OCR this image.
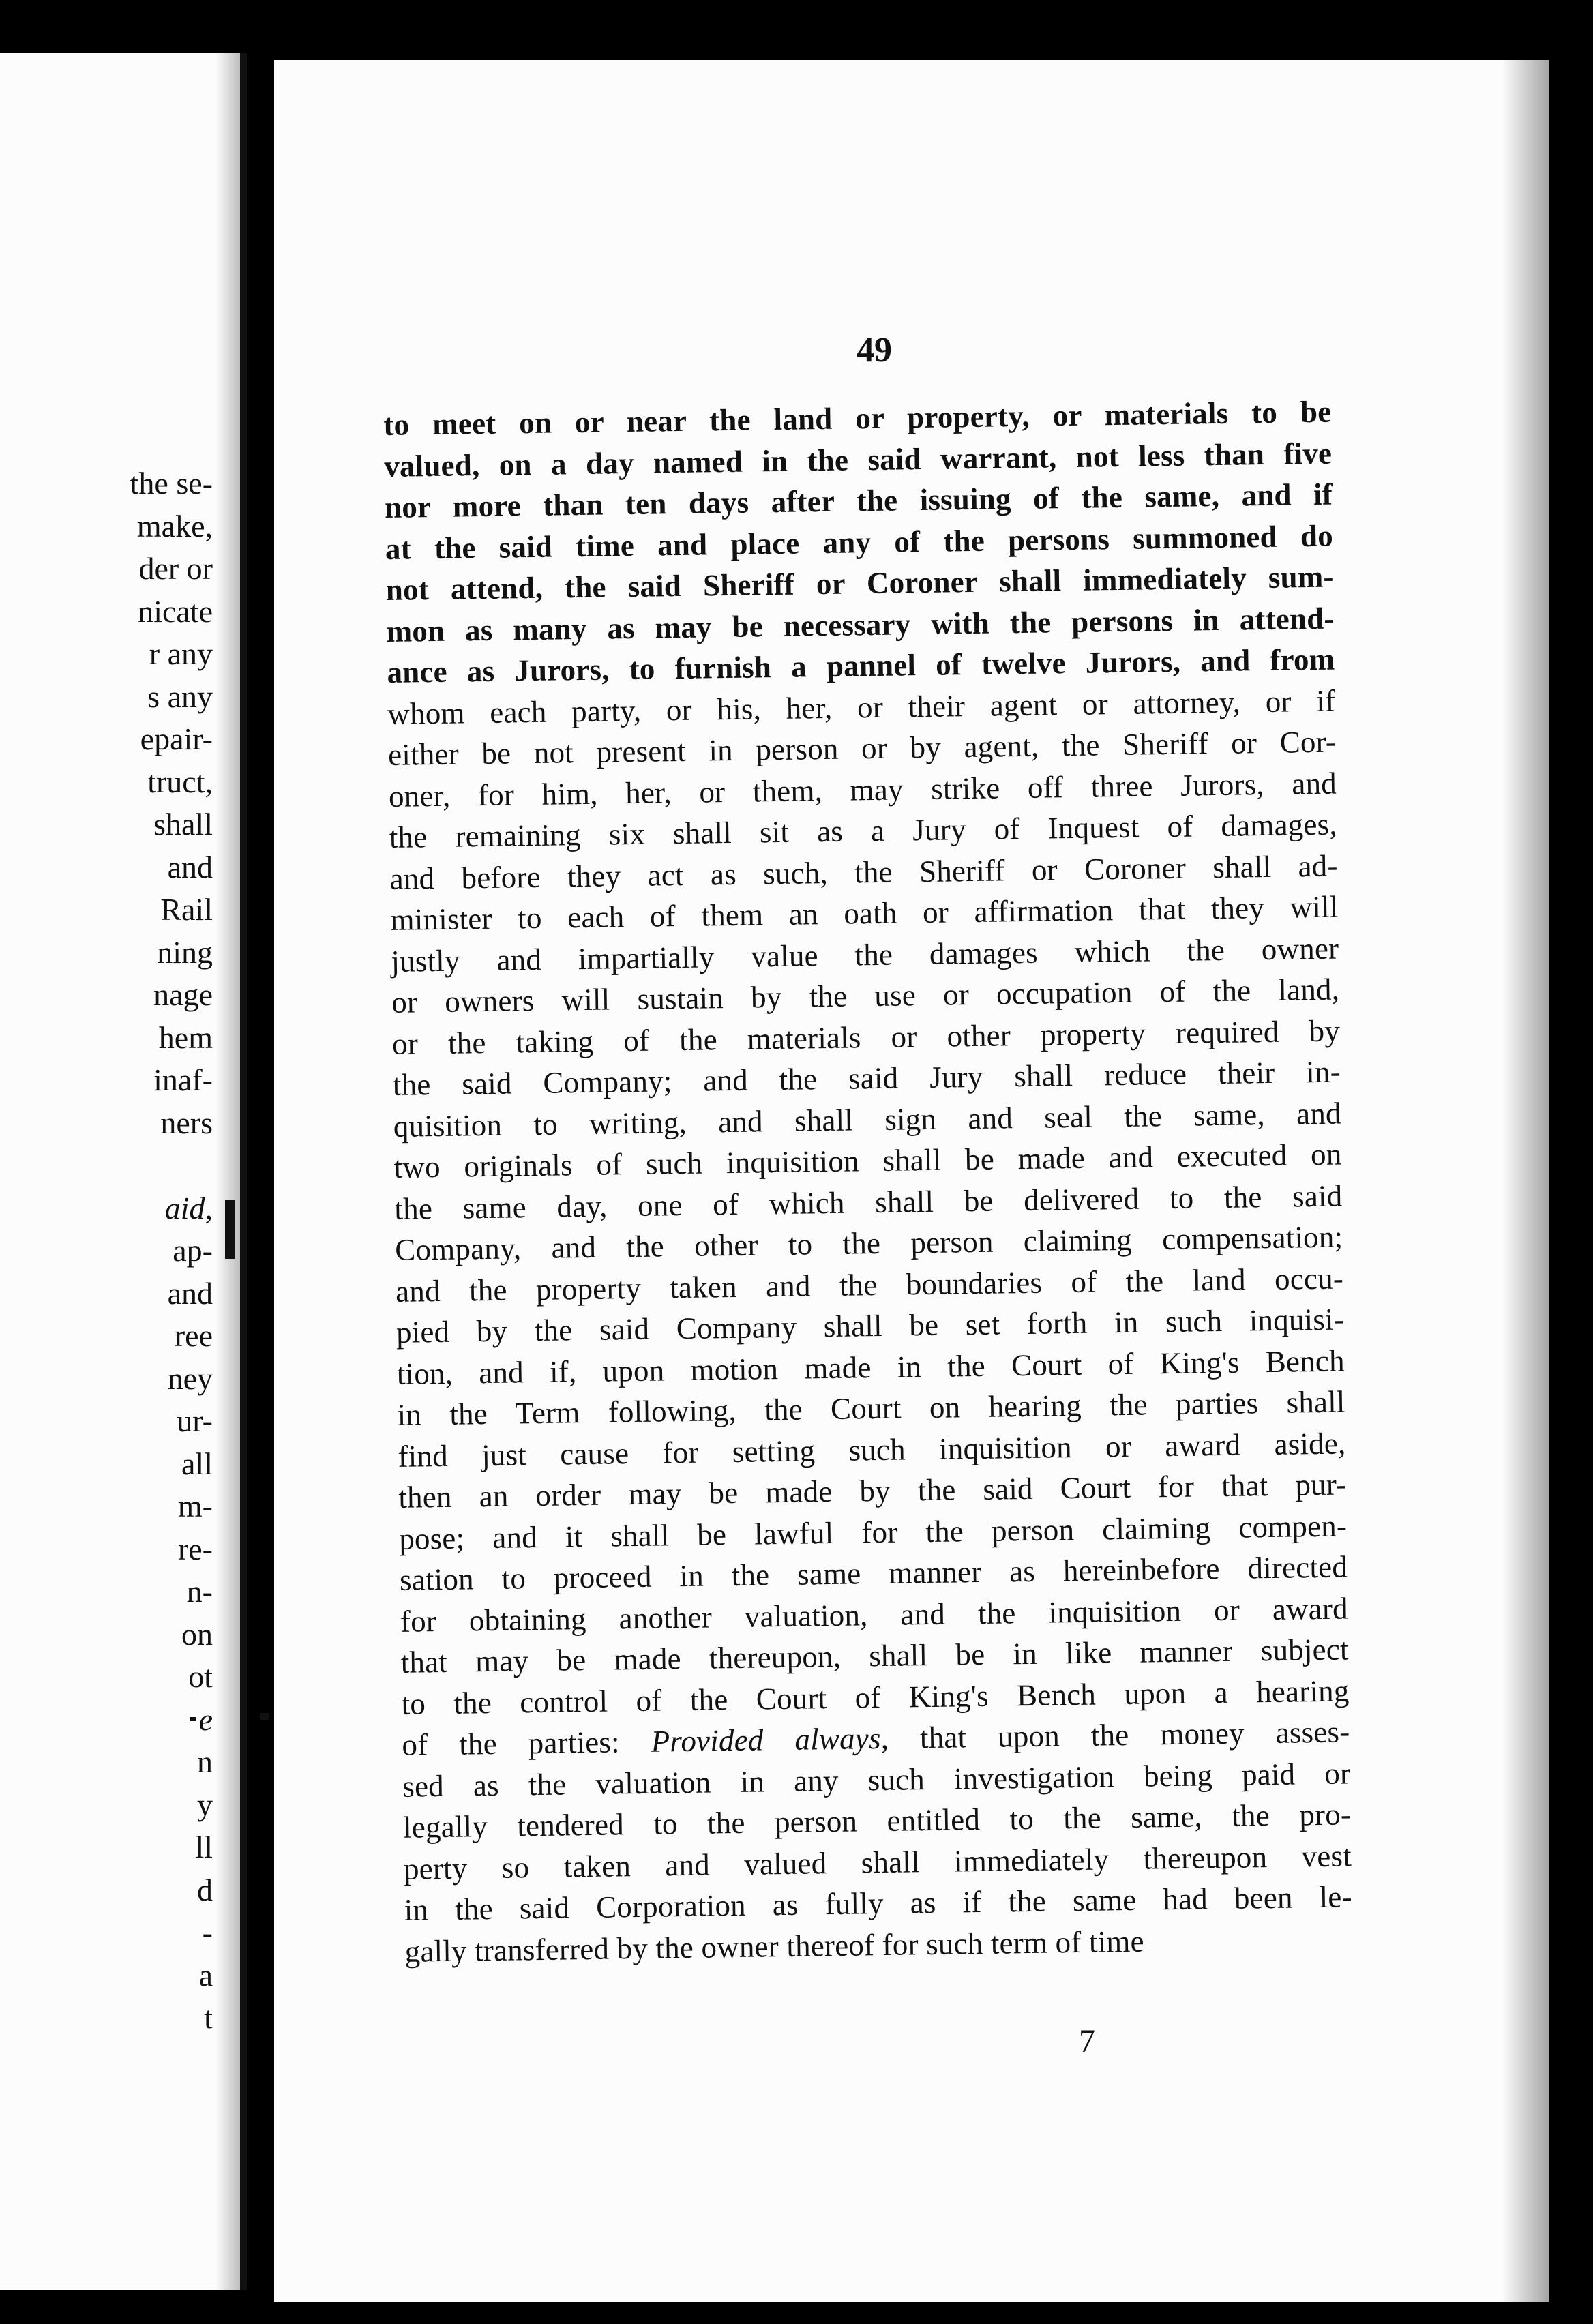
the se-
make,
der or
nicate
r any
s any
epair-
truct,
shall
and
Rail
ning
nage
hem
inaf-
ners

aid,
ap-
and
ree
ney
ur-
all
m-
re-
n-
on
ot
e
n
y
ll
d
-
a
t
49
to meet on or near the land or property, or materials to be
valued, on a day named in the said warrant, not less than five
nor more than ten days after the issuing of the same, and if
at the said time and place any of the persons summoned do
not attend, the said Sheriff or Coroner shall immediately sum-
mon as many as may be necessary with the persons in attend-
ance as Jurors, to furnish a pannel of twelve Jurors, and from
whom each party, or his, her, or their agent or attorney, or if
either be not present in person or by agent, the Sheriff or Cor-
oner, for him, her, or them, may strike off three Jurors, and
the remaining six shall sit as a Jury of Inquest of damages,
and before they act as such, the Sheriff or Coroner shall ad-
minister to each of them an oath or affirmation that they will
justly and impartially value the damages which the owner
or owners will sustain by the use or occupation of the land,
or the taking of the materials or other property required by
the said Company; and the said Jury shall reduce their in-
quisition to writing, and shall sign and seal the same, and
two originals of such inquisition shall be made and executed on
the same day, one of which shall be delivered to the said
Company, and the other to the person claiming compensation;
and the property taken and the boundaries of the land occu-
pied by the said Company shall be set forth in such inquisi-
tion, and if, upon motion made in the Court of King's Bench
in the Term following, the Court on hearing the parties shall
find just cause for setting such inquisition or award aside,
then an order may be made by the said Court for that pur-
pose; and it shall be lawful for the person claiming compen-
sation to proceed in the same manner as hereinbefore directed
for obtaining another valuation, and the inquisition or award
that may be made thereupon, shall be in like manner subject
to the control of the Court of King's Bench upon a hearing
of the parties: Provided always, that upon the money asses-
sed as the valuation in any such investigation being paid or
legally tendered to the person entitled to the same, the pro-
perty so taken and valued shall immediately thereupon vest
in the said Corporation as fully as if the same had been le-
gally transferred by the owner thereof for such term of time
7
